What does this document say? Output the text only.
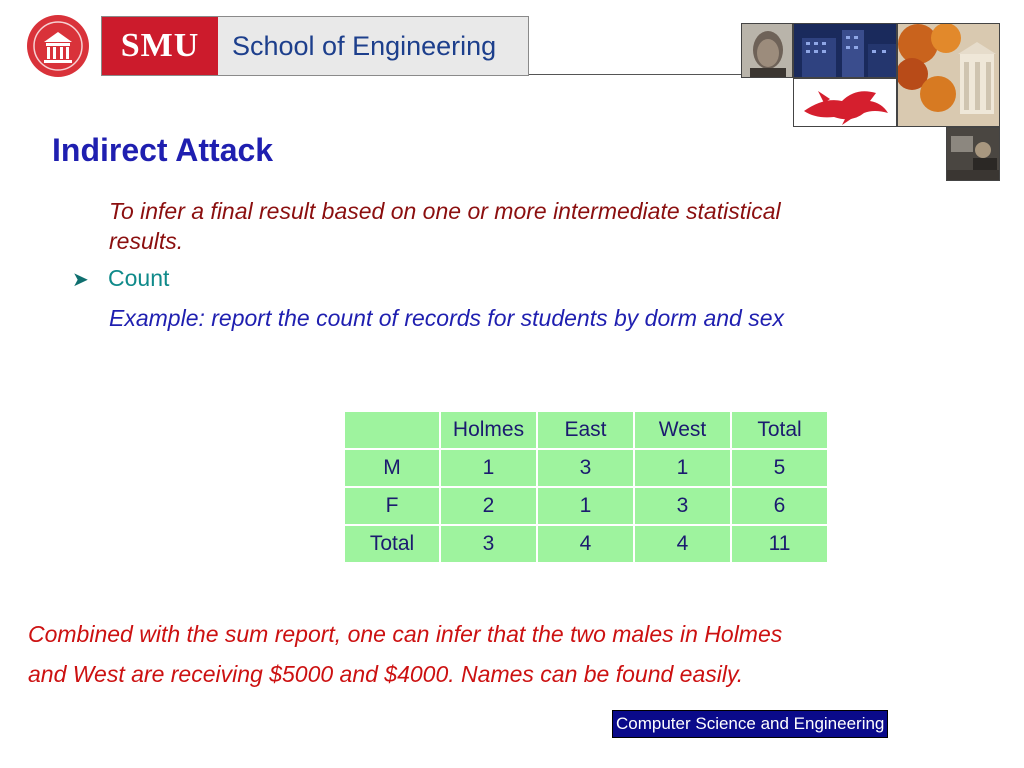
SMU	School of Engineering
Indirect Attack
To infer a final result based on one or more intermediate statistical results.
➤ Count
Example: report the count of records for students by dorm and sex
	Holmes	East	West	Total
M	1	3	1	5
F	2	1	3	6
Total	3	4	4	11
Combined with the sum report, one can infer that the two males in Holmes
and West are receiving $5000 and $4000. Names can be found easily.
Computer Science and Engineering
